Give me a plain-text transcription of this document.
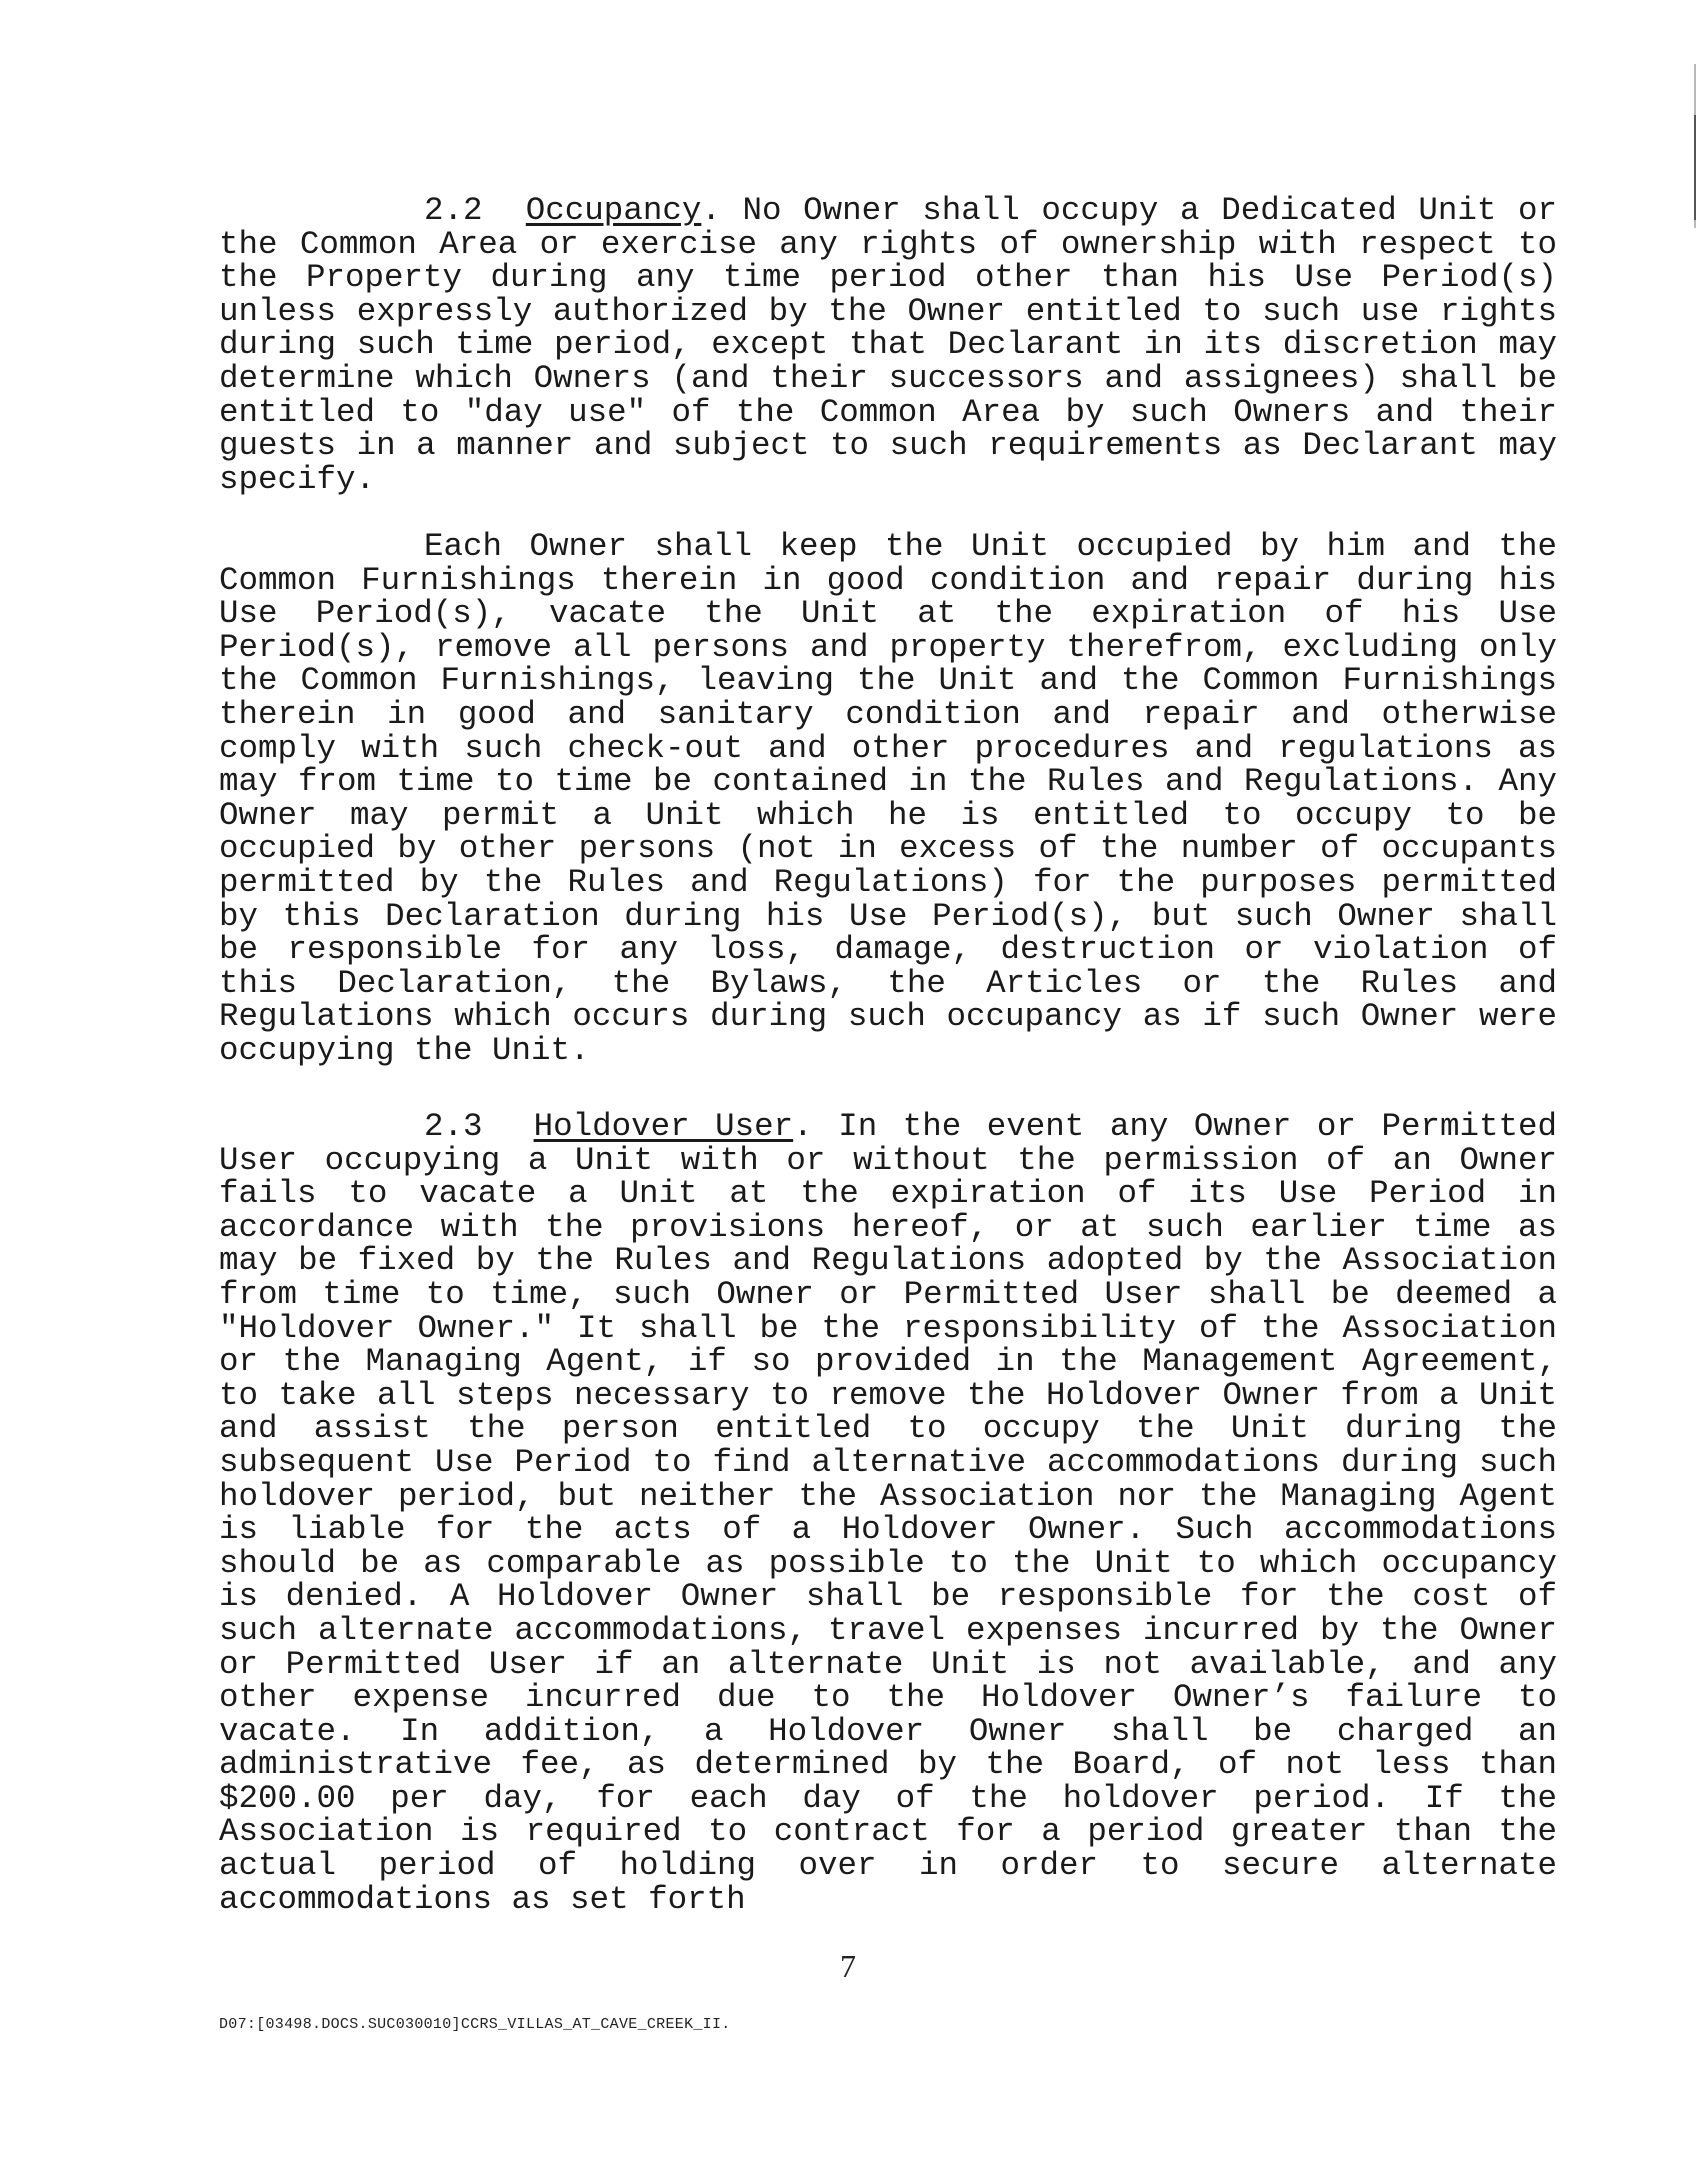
2.2 Occupancy. No Owner shall occupy a Dedicated Unit or the Common Area or exercise any rights of ownership with respect to the Property during any time period other than his Use Period(s) unless expressly authorized by the Owner entitled to such use rights during such time period, except that Declarant in its discretion may determine which Owners (and their successors and assignees) shall be entitled to "day use" of the Common Area by such Owners and their guests in a manner and subject to such requirements as Declarant may specify.

Each Owner shall keep the Unit occupied by him and the Common Furnishings therein in good condition and repair during his Use Period(s), vacate the Unit at the expiration of his Use Period(s), remove all persons and property therefrom, excluding only the Common Furnishings, leaving the Unit and the Common Furnishings therein in good and sanitary condition and repair and otherwise comply with such check-out and other procedures and regulations as may from time to time be contained in the Rules and Regulations. Any Owner may permit a Unit which he is entitled to occupy to be occupied by other persons (not in excess of the number of occupants permitted by the Rules and Regulations) for the purposes permitted by this Declaration during his Use Period(s), but such Owner shall be responsible for any loss, damage, destruction or violation of this Declaration, the Bylaws, the Articles or the Rules and Regulations which occurs during such occupancy as if such Owner were occupying the Unit.

2.3 Holdover User. In the event any Owner or Permitted User occupying a Unit with or without the permission of an Owner fails to vacate a Unit at the expiration of its Use Period in accordance with the provisions hereof, or at such earlier time as may be fixed by the Rules and Regulations adopted by the Association from time to time, such Owner or Permitted User shall be deemed a "Holdover Owner." It shall be the responsibility of the Association or the Managing Agent, if so provided in the Management Agreement, to take all steps necessary to remove the Holdover Owner from a Unit and assist the person entitled to occupy the Unit during the subsequent Use Period to find alternative accommodations during such holdover period, but neither the Association nor the Managing Agent is liable for the acts of a Holdover Owner. Such accommodations should be as comparable as possible to the Unit to which occupancy is denied. A Holdover Owner shall be responsible for the cost of such alternate accommodations, travel expenses incurred by the Owner or Permitted User if an alternate Unit is not available, and any other expense incurred due to the Holdover Owner’s failure to vacate. In addition, a Holdover Owner shall be charged an administrative fee, as determined by the Board, of not less than $200.00 per day, for each day of the holdover period. If the Association is required to contract for a period greater than the actual period of holding over in order to secure alternate accommodations as set forth

7
D07:[03498.DOCS.SUC030010]CCRS_VILLAS_AT_CAVE_CREEK_II.
